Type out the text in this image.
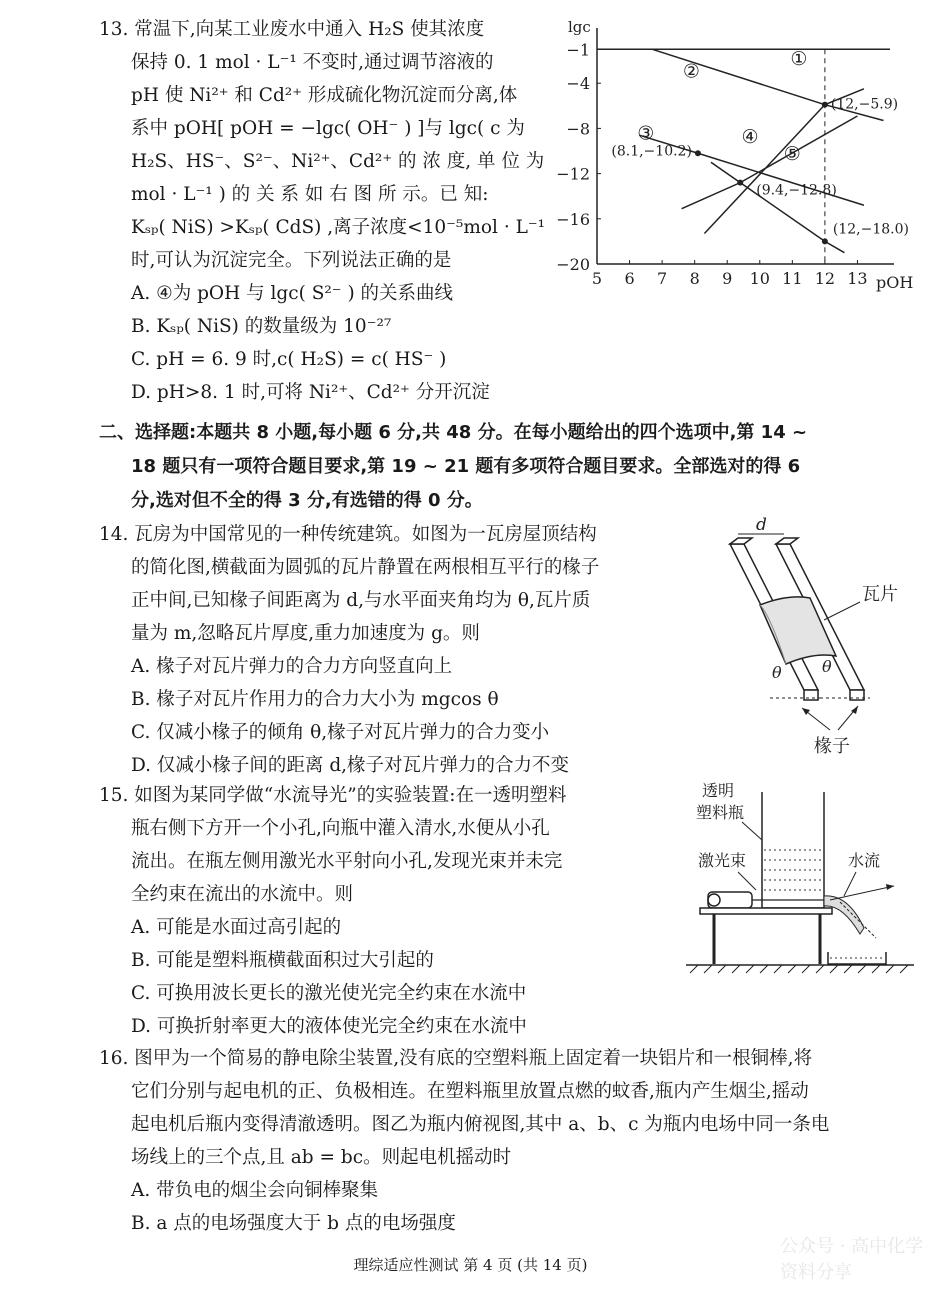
13. 常温下,向某工业废水中通入 H₂S 使其浓度
保持 0. 1 mol · L⁻¹ 不变时,通过调节溶液的
pH 使 Ni²⁺ 和 Cd²⁺ 形成硫化物沉淀而分离,体
系中 pOH[ pOH = −lgc( OH⁻ ) ]与 lgc( c 为
H₂S、HS⁻、S²⁻、Ni²⁺、Cd²⁺ 的 浓 度, 单 位 为
mol · L⁻¹ ) 的 关 系 如 右 图 所 示。已 知:
Kₛₚ( NiS) >Kₛₚ( CdS) ,离子浓度<10⁻⁵mol · L⁻¹
时,可认为沉淀完全。下列说法正确的是
A. ④为 pOH 与 lgc( S²⁻ ) 的关系曲线
B. Kₛₚ( NiS) 的数量级为 10⁻²⁷
C. pH = 6. 9 时,c( H₂S) = c( HS⁻ )
D. pH>8. 1 时,可将 Ni²⁺、Cd²⁺ 分开沉淀
lgc
pOH
5 6 7 8 9 10 11 12 13
−1
−4
−8
−12
−16
−20
(12,−5.9)
(8.1,−10.2)
(9.4,−12.8)
(12,−18.0)
①
②
③	④
⑤
二、选择题:本题共 8 小题,每小题 6 分,共 48 分。在每小题给出的四个选项中,第 14 ~
18 题只有一项符合题目要求,第 19 ~ 21 题有多项符合题目要求。全部选对的得 6
分,选对但不全的得 3 分,有选错的得 0 分。
14. 瓦房为中国常见的一种传统建筑。如图为一瓦房屋顶结构
的简化图,横截面为圆弧的瓦片静置在两根相互平行的椽子
正中间,已知椽子间距离为 d,与水平面夹角均为 θ,瓦片质
量为 m,忽略瓦片厚度,重力加速度为 g。则
A. 椽子对瓦片弹力的合力方向竖直向上
B. 椽子对瓦片作用力的合力大小为 mgcos θ
C. 仅减小椽子的倾角 θ,椽子对瓦片弹力的合力变小
D. 仅减小椽子间的距离 d,椽子对瓦片弹力的合力不变
d
瓦片
θ	θ
椽子
15. 如图为某同学做“水流导光”的实验装置:在一透明塑料
瓶右侧下方开一个小孔,向瓶中灌入清水,水便从小孔
流出。在瓶左侧用激光水平射向小孔,发现光束并未完
全约束在流出的水流中。则
A. 可能是水面过高引起的
B. 可能是塑料瓶横截面积过大引起的
C. 可换用波长更长的激光使光完全约束在水流中
D. 可换折射率更大的液体使光完全约束在水流中
透明
塑料瓶
激光束	水流
16. 图甲为一个简易的静电除尘装置,没有底的空塑料瓶上固定着一块铝片和一根铜棒,将
它们分别与起电机的正、负极相连。在塑料瓶里放置点燃的蚊香,瓶内产生烟尘,摇动
起电机后瓶内变得清澈透明。图乙为瓶内俯视图,其中 a、b、c 为瓶内电场中同一条电
场线上的三个点,且 ab = bc。则起电机摇动时
A. 带负电的烟尘会向铜棒聚集
B. a 点的电场强度大于 b 点的电场强度
公众号 · 高中化学资料分享
理综适应性测试 第 4 页 (共 14 页)
